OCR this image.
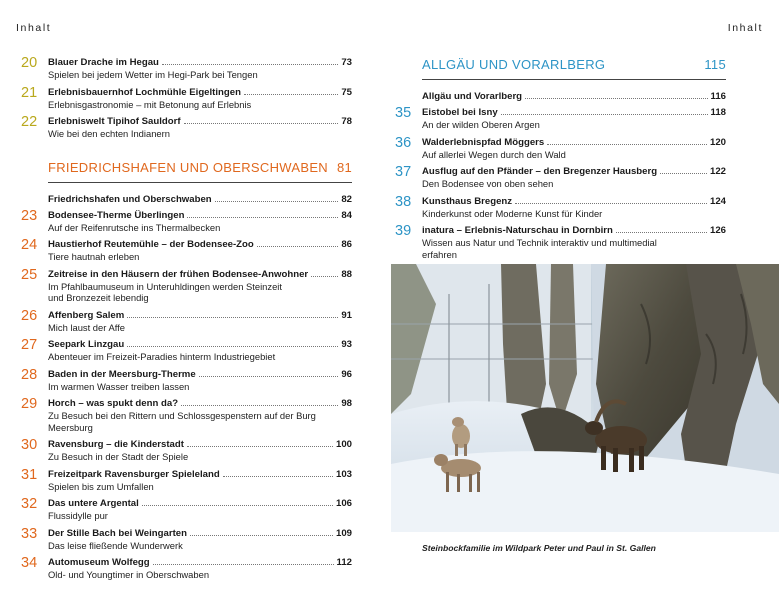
Inhalt	Inhalt
20	Blauer Drache im Hegau	73
Spielen bei jedem Wetter im Hegi-Park bei Tengen
21	Erlebnisbauernhof Lochmühle Eigeltingen	75
Erlebnisgastronomie – mit Betonung auf Erlebnis
22	Erlebniswelt Tipihof Sauldorf	78
Wie bei den echten Indianern
FRIEDRICHSHAFEN UND OBERSCHWABEN 81
Friedrichshafen und Oberschwaben	82
23	Bodensee-Therme Überlingen	84
Auf der Reifenrutsche ins Thermalbecken
24	Haustierhof Reutemühle – der Bodensee-Zoo	86
Tiere hautnah erleben
25	Zeitreise in den Häusern der frühen Bodensee-Anwohner	88
Im Pfahlbaumuseum in Unteruhldingen werden Steinzeit
und Bronzezeit lebendig
26	Affenberg Salem	91
Mich laust der Affe
27	Seepark Linzgau	93
Abenteuer im Freizeit-Paradies hinterm Industriegebiet
28	Baden in der Meersburg-Therme	96
Im warmen Wasser treiben lassen
29	Horch – was spukt denn da?	98
Zu Besuch bei den Rittern und Schlossgespenstern auf der Burg
Meersburg
30	Ravensburg – die Kinderstadt	100
Zu Besuch in der Stadt der Spiele
31	Freizeitpark Ravensburger Spieleland	103
Spielen bis zum Umfallen
32	Das untere Argental	106
Flussidylle pur
33	Der Stille Bach bei Weingarten	109
Das leise fließende Wunderwerk
34	Automuseum Wolfegg	112
Old- und Youngtimer in Oberschwaben
ALLGÄU UND VORARLBERG	115
Allgäu und Vorarlberg	116
35	Eistobel bei Isny	118
An der wilden Oberen Argen
36	Walderlebnispfad Möggers	120
Auf allerlei Wegen durch den Wald
37	Ausflug auf den Pfänder – den Bregenzer Hausberg	122
Den Bodensee von oben sehen
38	Kunsthaus Bregenz	124
Kinderkunst oder Moderne Kunst für Kinder
39	inatura – Erlebnis-Naturschau in Dornbirn	126
Wissen aus Natur und Technik interaktiv und multimedial
erfahren
Steinbockfamilie im Wildpark Peter und Paul in St. Gallen
